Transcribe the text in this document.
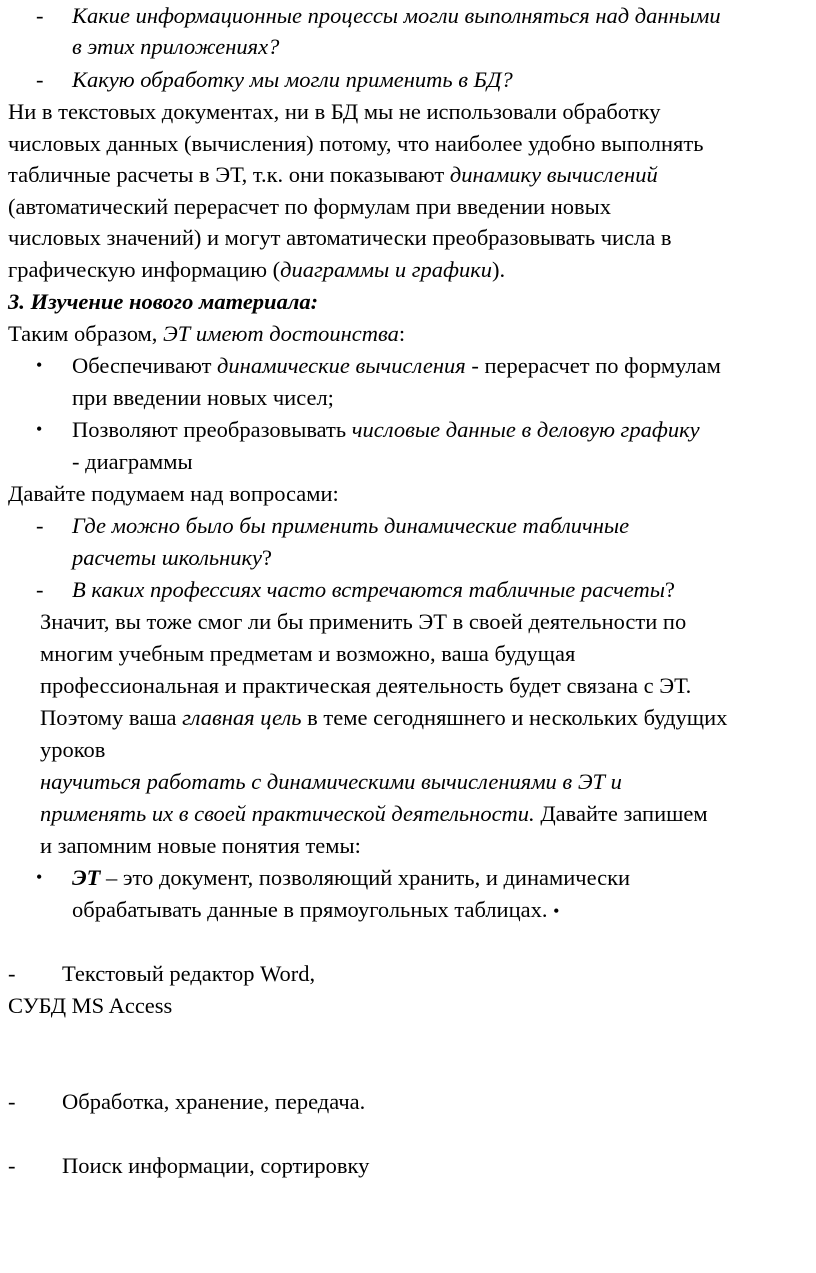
- Какие информационные процессы могли выполняться над данными
в этих приложениях?
- Какую обработку мы могли применить в БД?
Ни в текстовых документах, ни в БД мы не использовали обработку
числовых данных (вычисления) потому, что наиболее удобно выполнять
табличные расчеты в ЭТ, т.к. они показывают динамику вычислений
(автоматический перерасчет по формулам при введении новых
числовых значений) и могут автоматически преобразовывать числа в
графическую информацию (диаграммы и графики).
3. Изучение нового материала:
Таким образом, ЭТ имеют достоинства:
• Обеспечивают динамические вычисления - перерасчет по формулам
при введении новых чисел;
• Позволяют преобразовывать числовые данные в деловую графику
- диаграммы
Давайте подумаем над вопросами:
- Где можно было бы применить динамические табличные
расчеты школьнику?
- В каких профессиях часто встречаются табличные расчеты?
Значит, вы тоже смог ли бы применить ЭТ в своей деятельности по
многим учебным предметам и возможно, ваша будущая
профессиональная и практическая деятельность будет связана с ЭТ.
Поэтому ваша главная цель в теме сегодняшнего и нескольких будущих
уроков
научиться работать с динамическими вычислениями в ЭТ и
применять их в своей практической деятельности. Давайте запишем
и запомним новые понятия темы:
• ЭТ – это документ, позволяющий хранить, и динамически
обрабатывать данные в прямоугольных таблицах. •
- Текстовый редактор Word,
СУБД MS Access
- Обработка, хранение, передача.
- Поиск информации, сортировку
